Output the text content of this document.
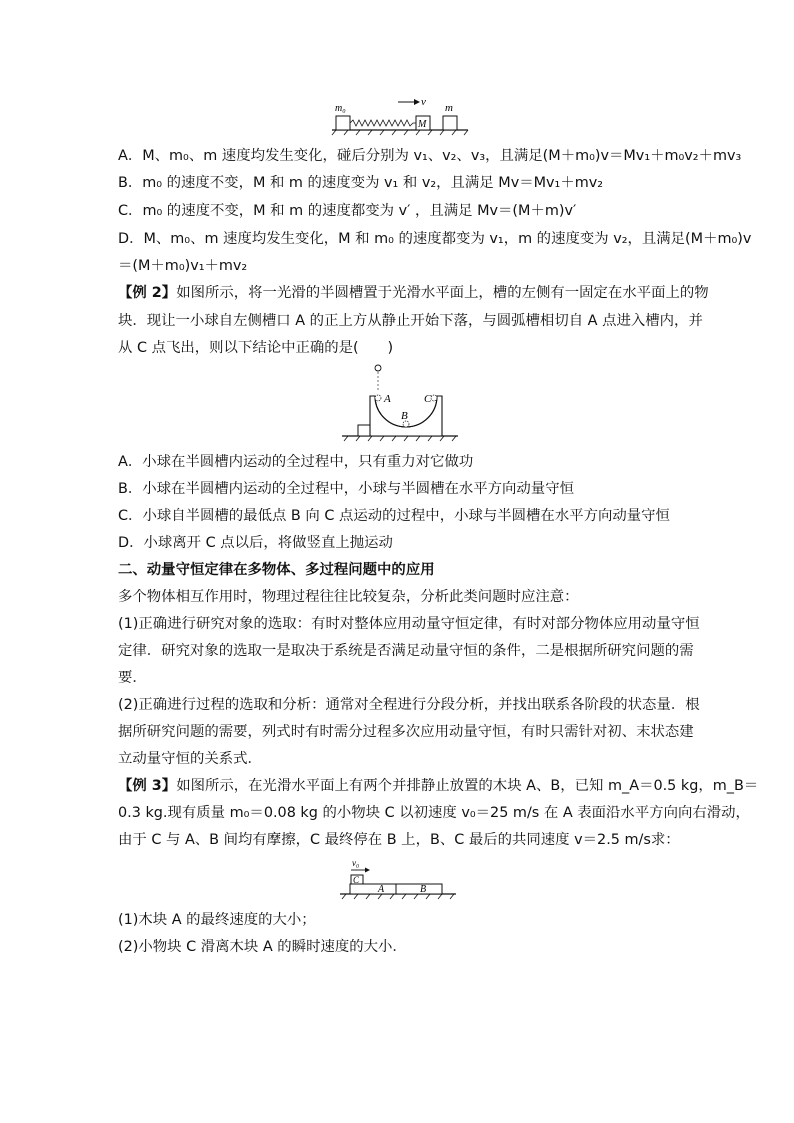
m₀
v
M
m
A．M、m₀、m 速度均发生变化，碰后分别为 v₁、v₂、v₃，且满足(M＋m₀)v＝Mv₁＋m₀v₂＋mv₃
B．m₀ 的速度不变，M 和 m 的速度变为 v₁ 和 v₂，且满足 Mv＝Mv₁＋mv₂
C．m₀ 的速度不变，M 和 m 的速度都变为 v′ ，且满足 Mv＝(M＋m)v′
D．M、m₀、m 速度均发生变化，M 和 m₀ 的速度都变为 v₁，m 的速度变为 v₂，且满足(M＋m₀)v
＝(M＋m₀)v₁＋mv₂
【例 2】如图所示，将一光滑的半圆槽置于光滑水平面上，槽的左侧有一固定在水平面上的物
块．现让一小球自左侧槽口 A 的正上方从静止开始下落，与圆弧槽相切自 A 点进入槽内，并
从 C 点飞出，则以下结论中正确的是(　　)
A
B
C
A．小球在半圆槽内运动的全过程中，只有重力对它做功
B．小球在半圆槽内运动的全过程中，小球与半圆槽在水平方向动量守恒
C．小球自半圆槽的最低点 B 向 C 点运动的过程中，小球与半圆槽在水平方向动量守恒
D．小球离开 C 点以后，将做竖直上抛运动
二、动量守恒定律在多物体、多过程问题中的应用
多个物体相互作用时，物理过程往往比较复杂，分析此类问题时应注意：
(1)正确进行研究对象的选取：有时对整体应用动量守恒定律，有时对部分物体应用动量守恒
定律．研究对象的选取一是取决于系统是否满足动量守恒的条件，二是根据所研究问题的需
要．
(2)正确进行过程的选取和分析：通常对全程进行分段分析，并找出联系各阶段的状态量．根
据所研究问题的需要，列式时有时需分过程多次应用动量守恒，有时只需针对初、末状态建
立动量守恒的关系式．
【例 3】如图所示，在光滑水平面上有两个并排静止放置的木块 A、B，已知 m_A＝0.5 kg，m_B＝
0.3 kg.现有质量 m₀＝0.08 kg 的小物块 C 以初速度 v₀＝25 m/s 在 A 表面沿水平方向向右滑动，
由于 C 与 A、B 间均有摩擦，C 最终停在 B 上，B、C 最后的共同速度 v＝2.5 m/s求：
v₀
C
A	B
(1)木块 A 的最终速度的大小；
(2)小物块 C 滑离木块 A 的瞬时速度的大小．
